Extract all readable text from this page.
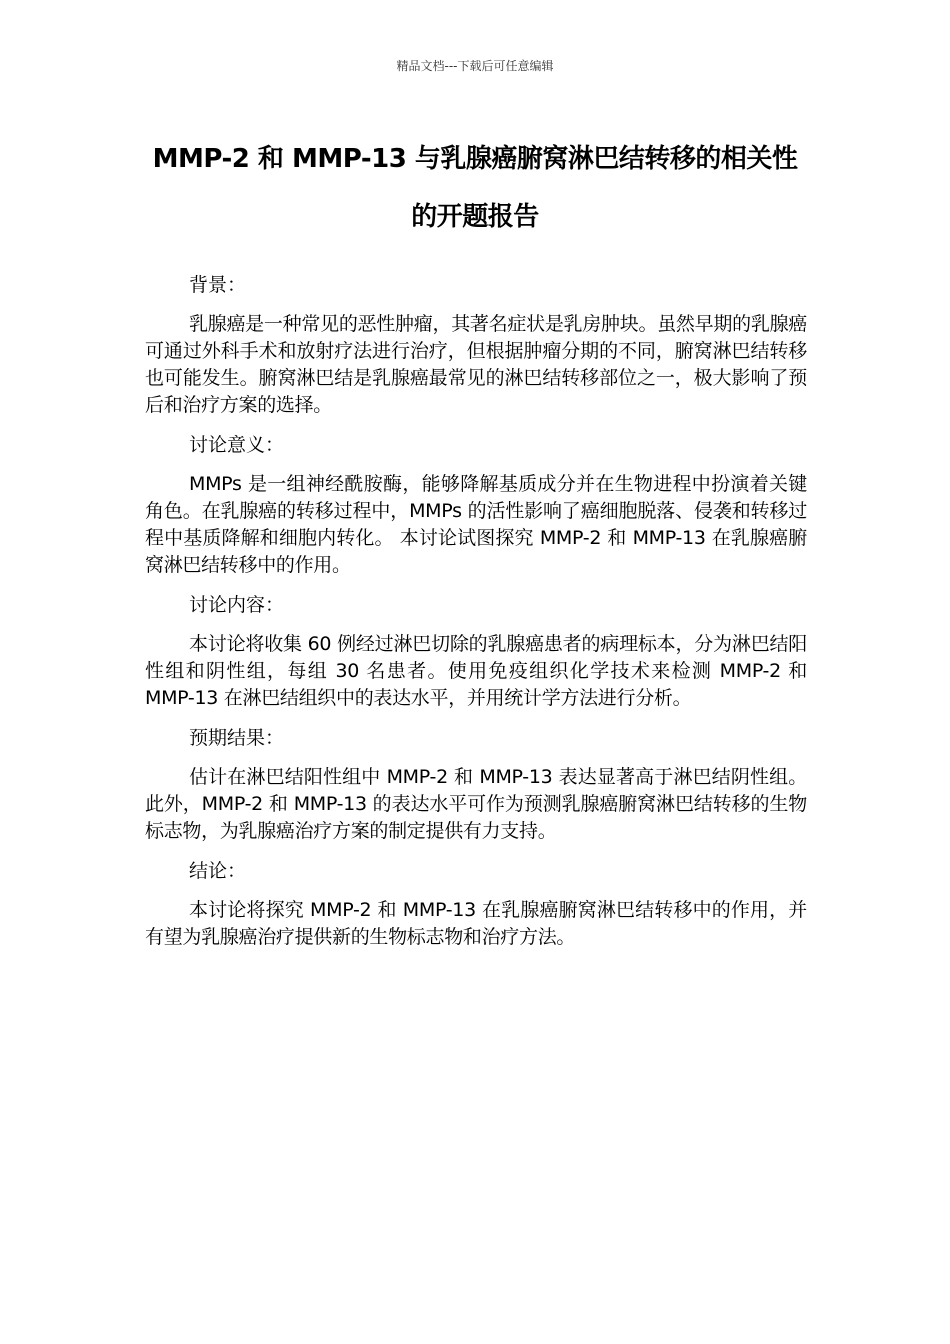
精品文档---下载后可任意编辑
MMP-2 和 MMP-13 与乳腺癌腑窝淋巴结转移的相关性的开题报告

背景：

乳腺癌是一种常见的恶性肿瘤，其著名症状是乳房肿块。虽然早期的乳腺癌可通过外科手术和放射疗法进行治疗，但根据肿瘤分期的不同，腑窝淋巴结转移也可能发生。腑窝淋巴结是乳腺癌最常见的淋巴结转移部位之一，极大影响了预后和治疗方案的选择。

讨论意义：

MMPs 是一组神经酰胺酶，能够降解基质成分并在生物进程中扮演着关键角色。在乳腺癌的转移过程中，MMPs 的活性影响了癌细胞脱落、侵袭和转移过程中基质降解和细胞内转化。 本讨论试图探究 MMP-2 和 MMP-13 在乳腺癌腑窝淋巴结转移中的作用。

讨论内容：

本讨论将收集 60 例经过淋巴切除的乳腺癌患者的病理标本，分为淋巴结阳性组和阴性组，每组 30 名患者。使用免疫组织化学技术来检测 MMP-2 和 MMP-13 在淋巴结组织中的表达水平，并用统计学方法进行分析。

预期结果：

估计在淋巴结阳性组中 MMP-2 和 MMP-13 表达显著高于淋巴结阴性组。此外，MMP-2 和 MMP-13 的表达水平可作为预测乳腺癌腑窝淋巴结转移的生物标志物，为乳腺癌治疗方案的制定提供有力支持。

结论：

本讨论将探究 MMP-2 和 MMP-13 在乳腺癌腑窝淋巴结转移中的作用，并有望为乳腺癌治疗提供新的生物标志物和治疗方法。
